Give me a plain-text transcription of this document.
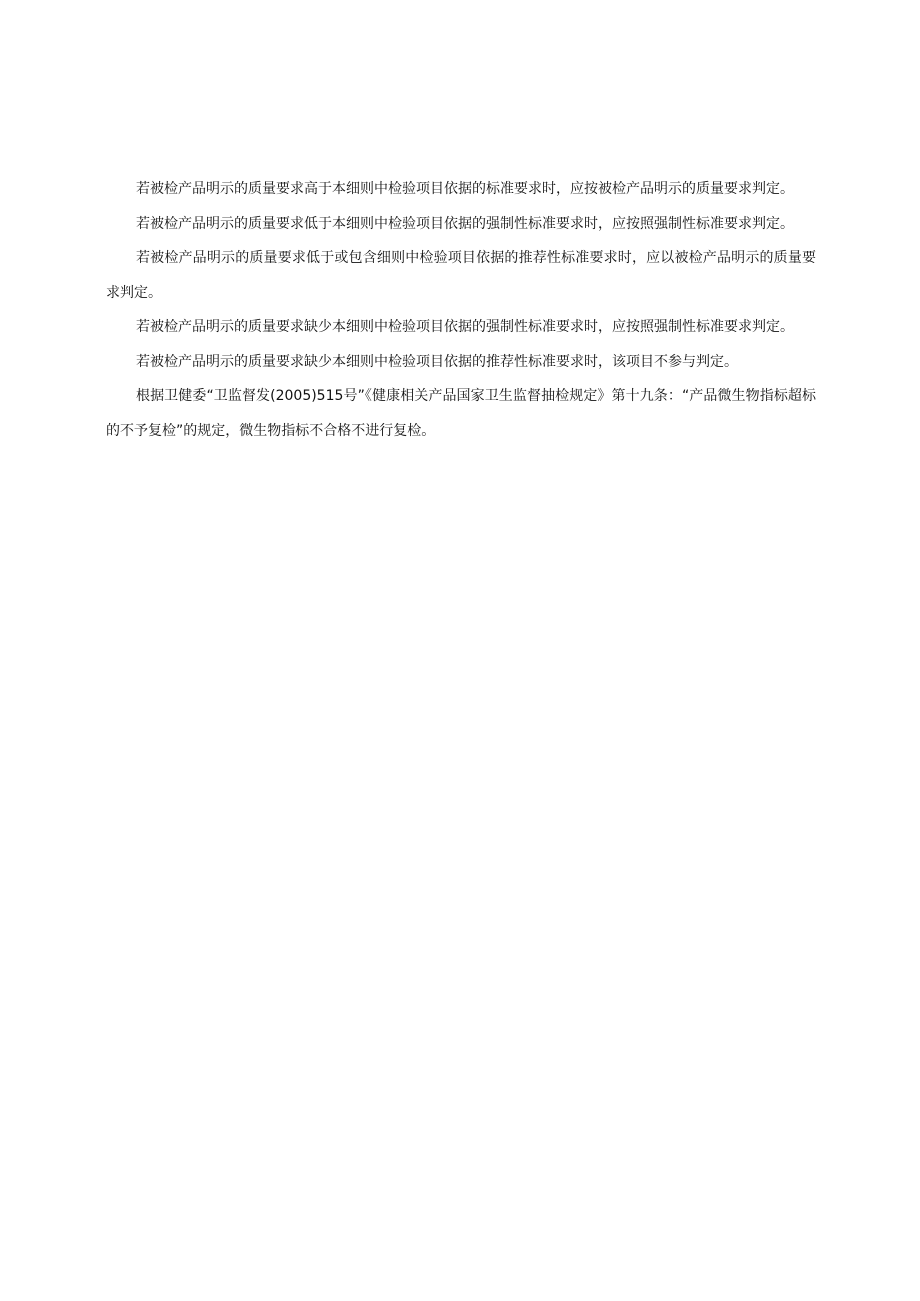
若被检产品明示的质量要求高于本细则中检验项目依据的标准要求时，应按被检产品明示的质量要求判定。

若被检产品明示的质量要求低于本细则中检验项目依据的强制性标准要求时，应按照强制性标准要求判定。

若被检产品明示的质量要求低于或包含细则中检验项目依据的推荐性标准要求时，应以被检产品明示的质量要求判定。

若被检产品明示的质量要求缺少本细则中检验项目依据的强制性标准要求时，应按照强制性标准要求判定。

若被检产品明示的质量要求缺少本细则中检验项目依据的推荐性标准要求时，该项目不参与判定。

根据卫健委“卫监督发(2005)515号”《健康相关产品国家卫生监督抽检规定》第十九条：“产品微生物指标超标的不予复检”的规定，微生物指标不合格不进行复检。
